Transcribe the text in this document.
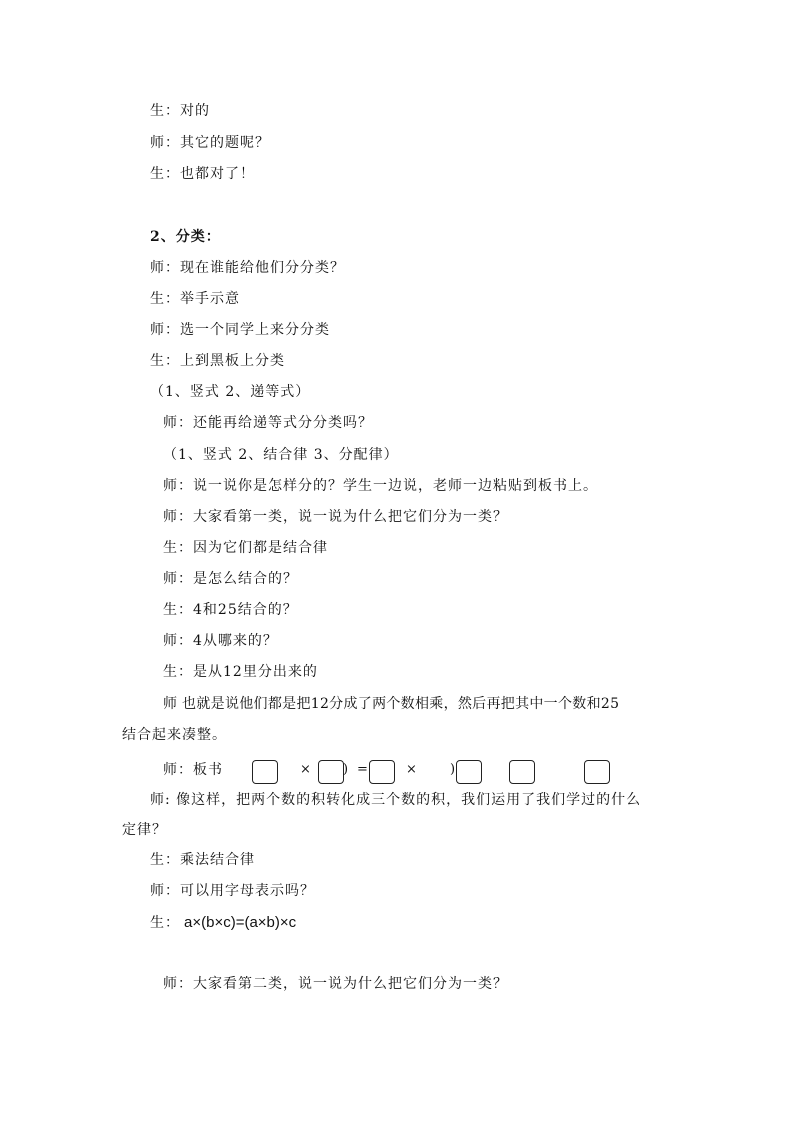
生：对的
师：其它的题呢？
生：也都对了！
2、分类：
师：现在谁能给他们分分类？
生：举手示意
师：选一个同学上来分分类
生：上到黑板上分类
（1、竖式 2、递等式）
师：还能再给递等式分分类吗？
（1、竖式 2、结合律 3、分配律）
师：说一说你是怎样分的？学生一边说，老师一边粘贴到板书上。
师：大家看第一类，说一说为什么把它们分为一类？
生：因为它们都是结合律
师：是怎么结合的？
生：4和25结合的？
师：4从哪来的？
生：是从12里分出来的
师 也就是说他们都是把12分成了两个数相乘，然后再把其中一个数和25
结合起来凑整。
师：板书	× ) =	×	)
师: 像这样，把两个数的积转化成三个数的积，我们运用了我们学过的什么
定律？
生：乘法结合律
师：可以用字母表示吗？
生： a×(b×c)=(a×b)×c
师：大家看第二类，说一说为什么把它们分为一类？
